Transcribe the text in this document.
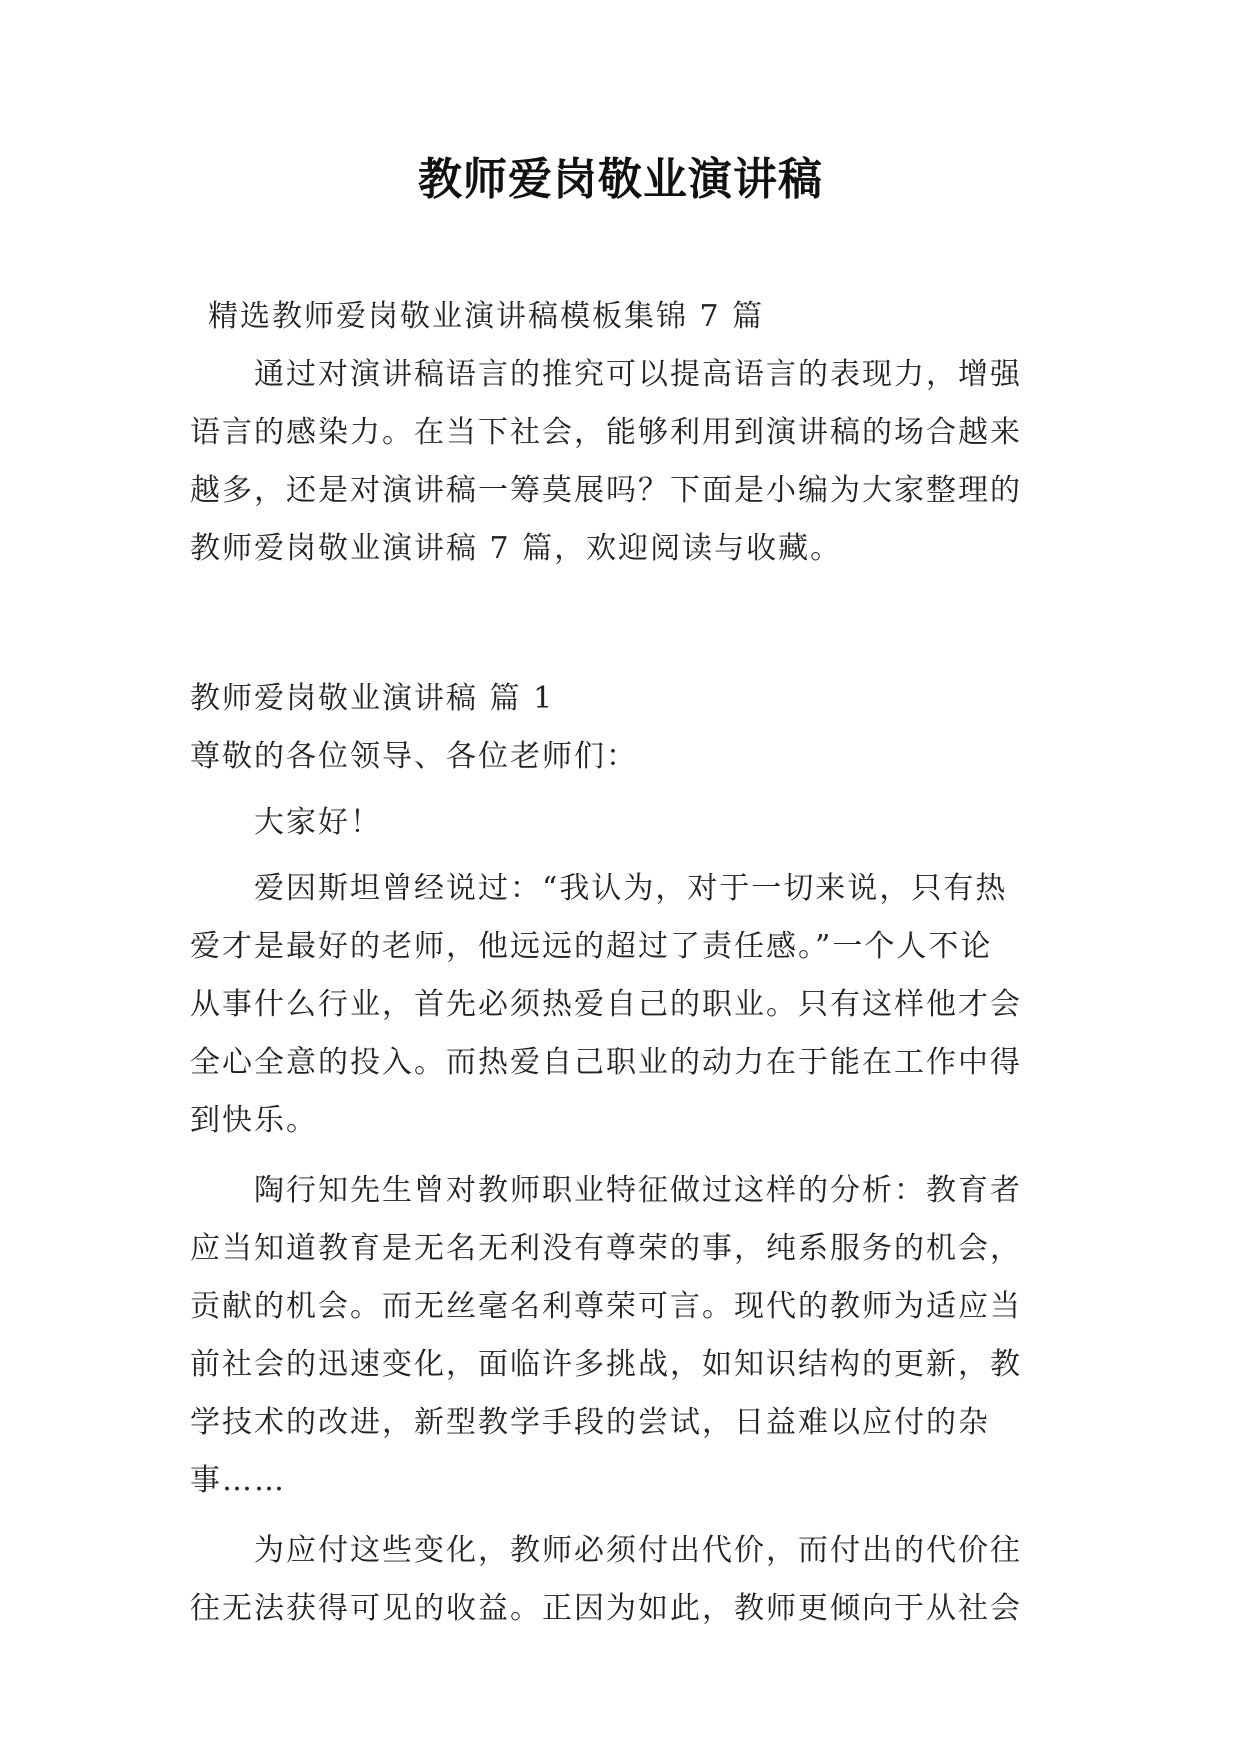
教师爱岗敬业演讲稿
精选教师爱岗敬业演讲稿模板集锦 7 篇
通过对演讲稿语言的推究可以提高语言的表现力，增强
语言的感染力。在当下社会，能够利用到演讲稿的场合越来
越多，还是对演讲稿一筹莫展吗？下面是小编为大家整理的
教师爱岗敬业演讲稿 7 篇，欢迎阅读与收藏。
教师爱岗敬业演讲稿 篇 1
尊敬的各位领导、各位老师们：
大家好！
爱因斯坦曾经说过：“我认为，对于一切来说，只有热
爱才是最好的老师，他远远的超过了责任感。”一个人不论
从事什么行业，首先必须热爱自己的职业。只有这样他才会
全心全意的投入。而热爱自己职业的动力在于能在工作中得
到快乐。
陶行知先生曾对教师职业特征做过这样的分析：教育者
应当知道教育是无名无利没有尊荣的事，纯系服务的机会，
贡献的机会。而无丝毫名利尊荣可言。现代的教师为适应当
前社会的迅速变化，面临许多挑战，如知识结构的更新，教
学技术的改进，新型教学手段的尝试，日益难以应付的杂
事……
为应付这些变化，教师必须付出代价，而付出的代价往
往无法获得可见的收益。正因为如此，教师更倾向于从社会
